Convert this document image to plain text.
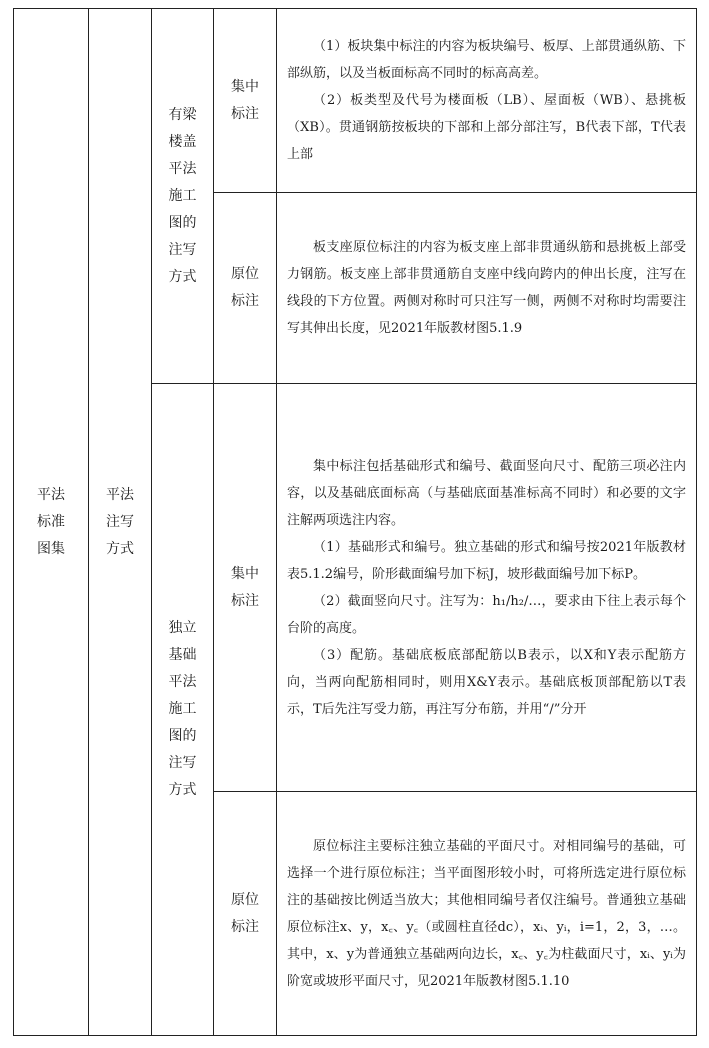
平法标准图集
平法注写方式
有梁楼盖平法施工图的注写方式
集中标注

（1）板块集中标注的内容为板块编号、板厚、上部贯通纵筋、下部纵筋，以及当板面标高不同时的标高高差。

（2）板类型及代号为楼面板（LB）、屋面板（WB）、悬挑板（XB）。贯通钢筋按板块的下部和上部分部注写，B代表下部，T代表上部

原位标注

板支座原位标注的内容为板支座上部非贯通纵筋和悬挑板上部受力钢筋。板支座上部非贯通筋自支座中线向跨内的伸出长度，注写在线段的下方位置。两侧对称时可只注写一侧，两侧不对称时均需要注写其伸出长度，见2021年版教材图5.1.9

独立基础平法施工图的注写方式
集中标注

集中标注包括基础形式和编号、截面竖向尺寸、配筋三项必注内容，以及基础底面标高（与基础底面基准标高不同时）和必要的文字注解两项选注内容。

（1）基础形式和编号。独立基础的形式和编号按2021年版教材表5.1.2编号，阶形截面编号加下标J，坡形截面编号加下标P。

（2）截面竖向尺寸。注写为：h₁/h₂/…，要求由下往上表示每个台阶的高度。

（3）配筋。基础底板底部配筋以B表示，以X和Y表示配筋方向，当两向配筋相同时，则用X&Y表示。基础底板顶部配筋以T表示，T后先注写受力筋，再注写分布筋，并用“/”分开

原位标注

原位标注主要标注独立基础的平面尺寸。对相同编号的基础，可选择一个进行原位标注；当平面图形较小时，可将所选定进行原位标注的基础按比例适当放大；其他相同编号者仅注编号。普通独立基础原位标注x、y，x꜀、y꜀（或圆柱直径dc），xᵢ、yᵢ，i=1，2，3，…。其中，x、y为普通独立基础两向边长，x꜀、y꜀为柱截面尺寸，xᵢ、yᵢ为阶宽或坡形平面尺寸，见2021年版教材图5.1.10
